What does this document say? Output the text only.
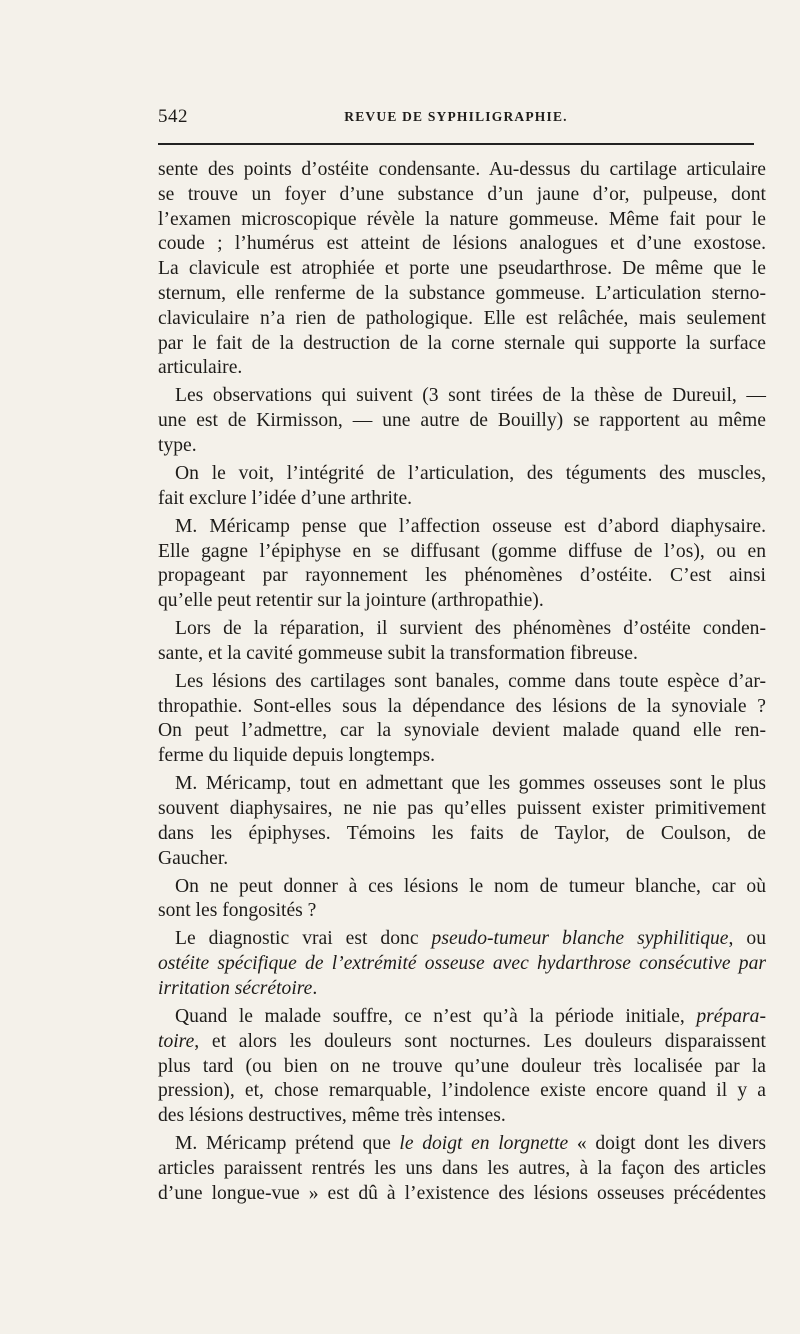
542	REVUE DE SYPHILIGRAPHIE.
sente des points d’ostéite condensante. Au-dessus du cartilage articulaire
se trouve un foyer d’une substance d’un jaune d’or, pulpeuse, dont
l’examen microscopique révèle la nature gommeuse. Même fait pour le
coude ; l’humérus est atteint de lésions analogues et d’une exostose.
La clavicule est atrophiée et porte une pseudarthrose. De même que le
sternum, elle renferme de la substance gommeuse. L’articulation sterno-
claviculaire n’a rien de pathologique. Elle est relâchée, mais seulement
par le fait de la destruction de la corne sternale qui supporte la surface
articulaire.
Les observations qui suivent (3 sont tirées de la thèse de Dureuil, —
une est de Kirmisson, — une autre de Bouilly) se rapportent au même
type.
On le voit, l’intégrité de l’articulation, des téguments des muscles,
fait exclure l’idée d’une arthrite.
M. Méricamp pense que l’affection osseuse est d’abord diaphysaire.
Elle gagne l’épiphyse en se diffusant (gomme diffuse de l’os), ou en
propageant par rayonnement les phénomènes d’ostéite. C’est ainsi
qu’elle peut retentir sur la jointure (arthropathie).
Lors de la réparation, il survient des phénomènes d’ostéite conden-
sante, et la cavité gommeuse subit la transformation fibreuse.
Les lésions des cartilages sont banales, comme dans toute espèce d’ar-
thropathie. Sont-elles sous la dépendance des lésions de la synoviale ?
On peut l’admettre, car la synoviale devient malade quand elle ren-
ferme du liquide depuis longtemps.
M. Méricamp, tout en admettant que les gommes osseuses sont le plus
souvent diaphysaires, ne nie pas qu’elles puissent exister primitivement
dans les épiphyses. Témoins les faits de Taylor, de Coulson, de
Gaucher.
On ne peut donner à ces lésions le nom de tumeur blanche, car où
sont les fongosités ?
Le diagnostic vrai est donc pseudo-tumeur blanche syphilitique, ou
ostéite spécifique de l’extrémité osseuse avec hydarthrose consécutive par
irritation sécrétoire.
Quand le malade souffre, ce n’est qu’à la période initiale, prépara-
toire, et alors les douleurs sont nocturnes. Les douleurs disparaissent
plus tard (ou bien on ne trouve qu’une douleur très localisée par la
pression), et, chose remarquable, l’indolence existe encore quand il y a
des lésions destructives, même très intenses.
M. Méricamp prétend que le doigt en lorgnette « doigt dont les divers
articles paraissent rentrés les uns dans les autres, à la façon des articles
d’une longue-vue » est dû à l’existence des lésions osseuses précédentes
